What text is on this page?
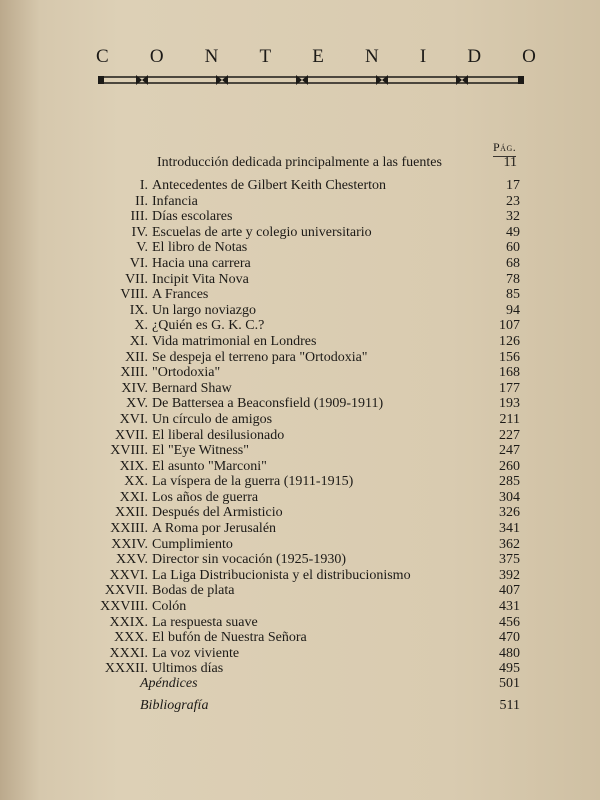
C O N T E N I D O
Pág.
Introducción dedicada principalmente a las fuentes	11
I. Antecedentes de Gilbert Keith Chesterton	17
II. Infancia	23
III. Días escolares	32
IV. Escuelas de arte y colegio universitario	49
V. El libro de Notas	60
VI. Hacia una carrera	68
VII. Incipit Vita Nova	78
VIII. A Frances	85
IX. Un largo noviazgo	94
X. ¿Quién es G. K. C.?	107
XI. Vida matrimonial en Londres	126
XII. Se despeja el terreno para "Ortodoxia"	156
XIII. "Ortodoxia"	168
XIV. Bernard Shaw	177
XV. De Battersea a Beaconsfield (1909-1911)	193
XVI. Un círculo de amigos	211
XVII. El liberal desilusionado	227
XVIII. El "Eye Witness"	247
XIX. El asunto "Marconi"	260
XX. La víspera de la guerra (1911-1915)	285
XXI. Los años de guerra	304
XXII. Después del Armisticio	326
XXIII. A Roma por Jerusalén	341
XXIV. Cumplimiento	362
XXV. Director sin vocación (1925-1930)	375
XXVI. La Liga Distribucionista y el distribucionismo	392
XXVII. Bodas de plata	407
XXVIII. Colón	431
XXIX. La respuesta suave	456
XXX. El bufón de Nuestra Señora	470
XXXI. La voz viviente	480
XXXII. Ultimos días	495
Apéndices	501
Bibliografía	511
